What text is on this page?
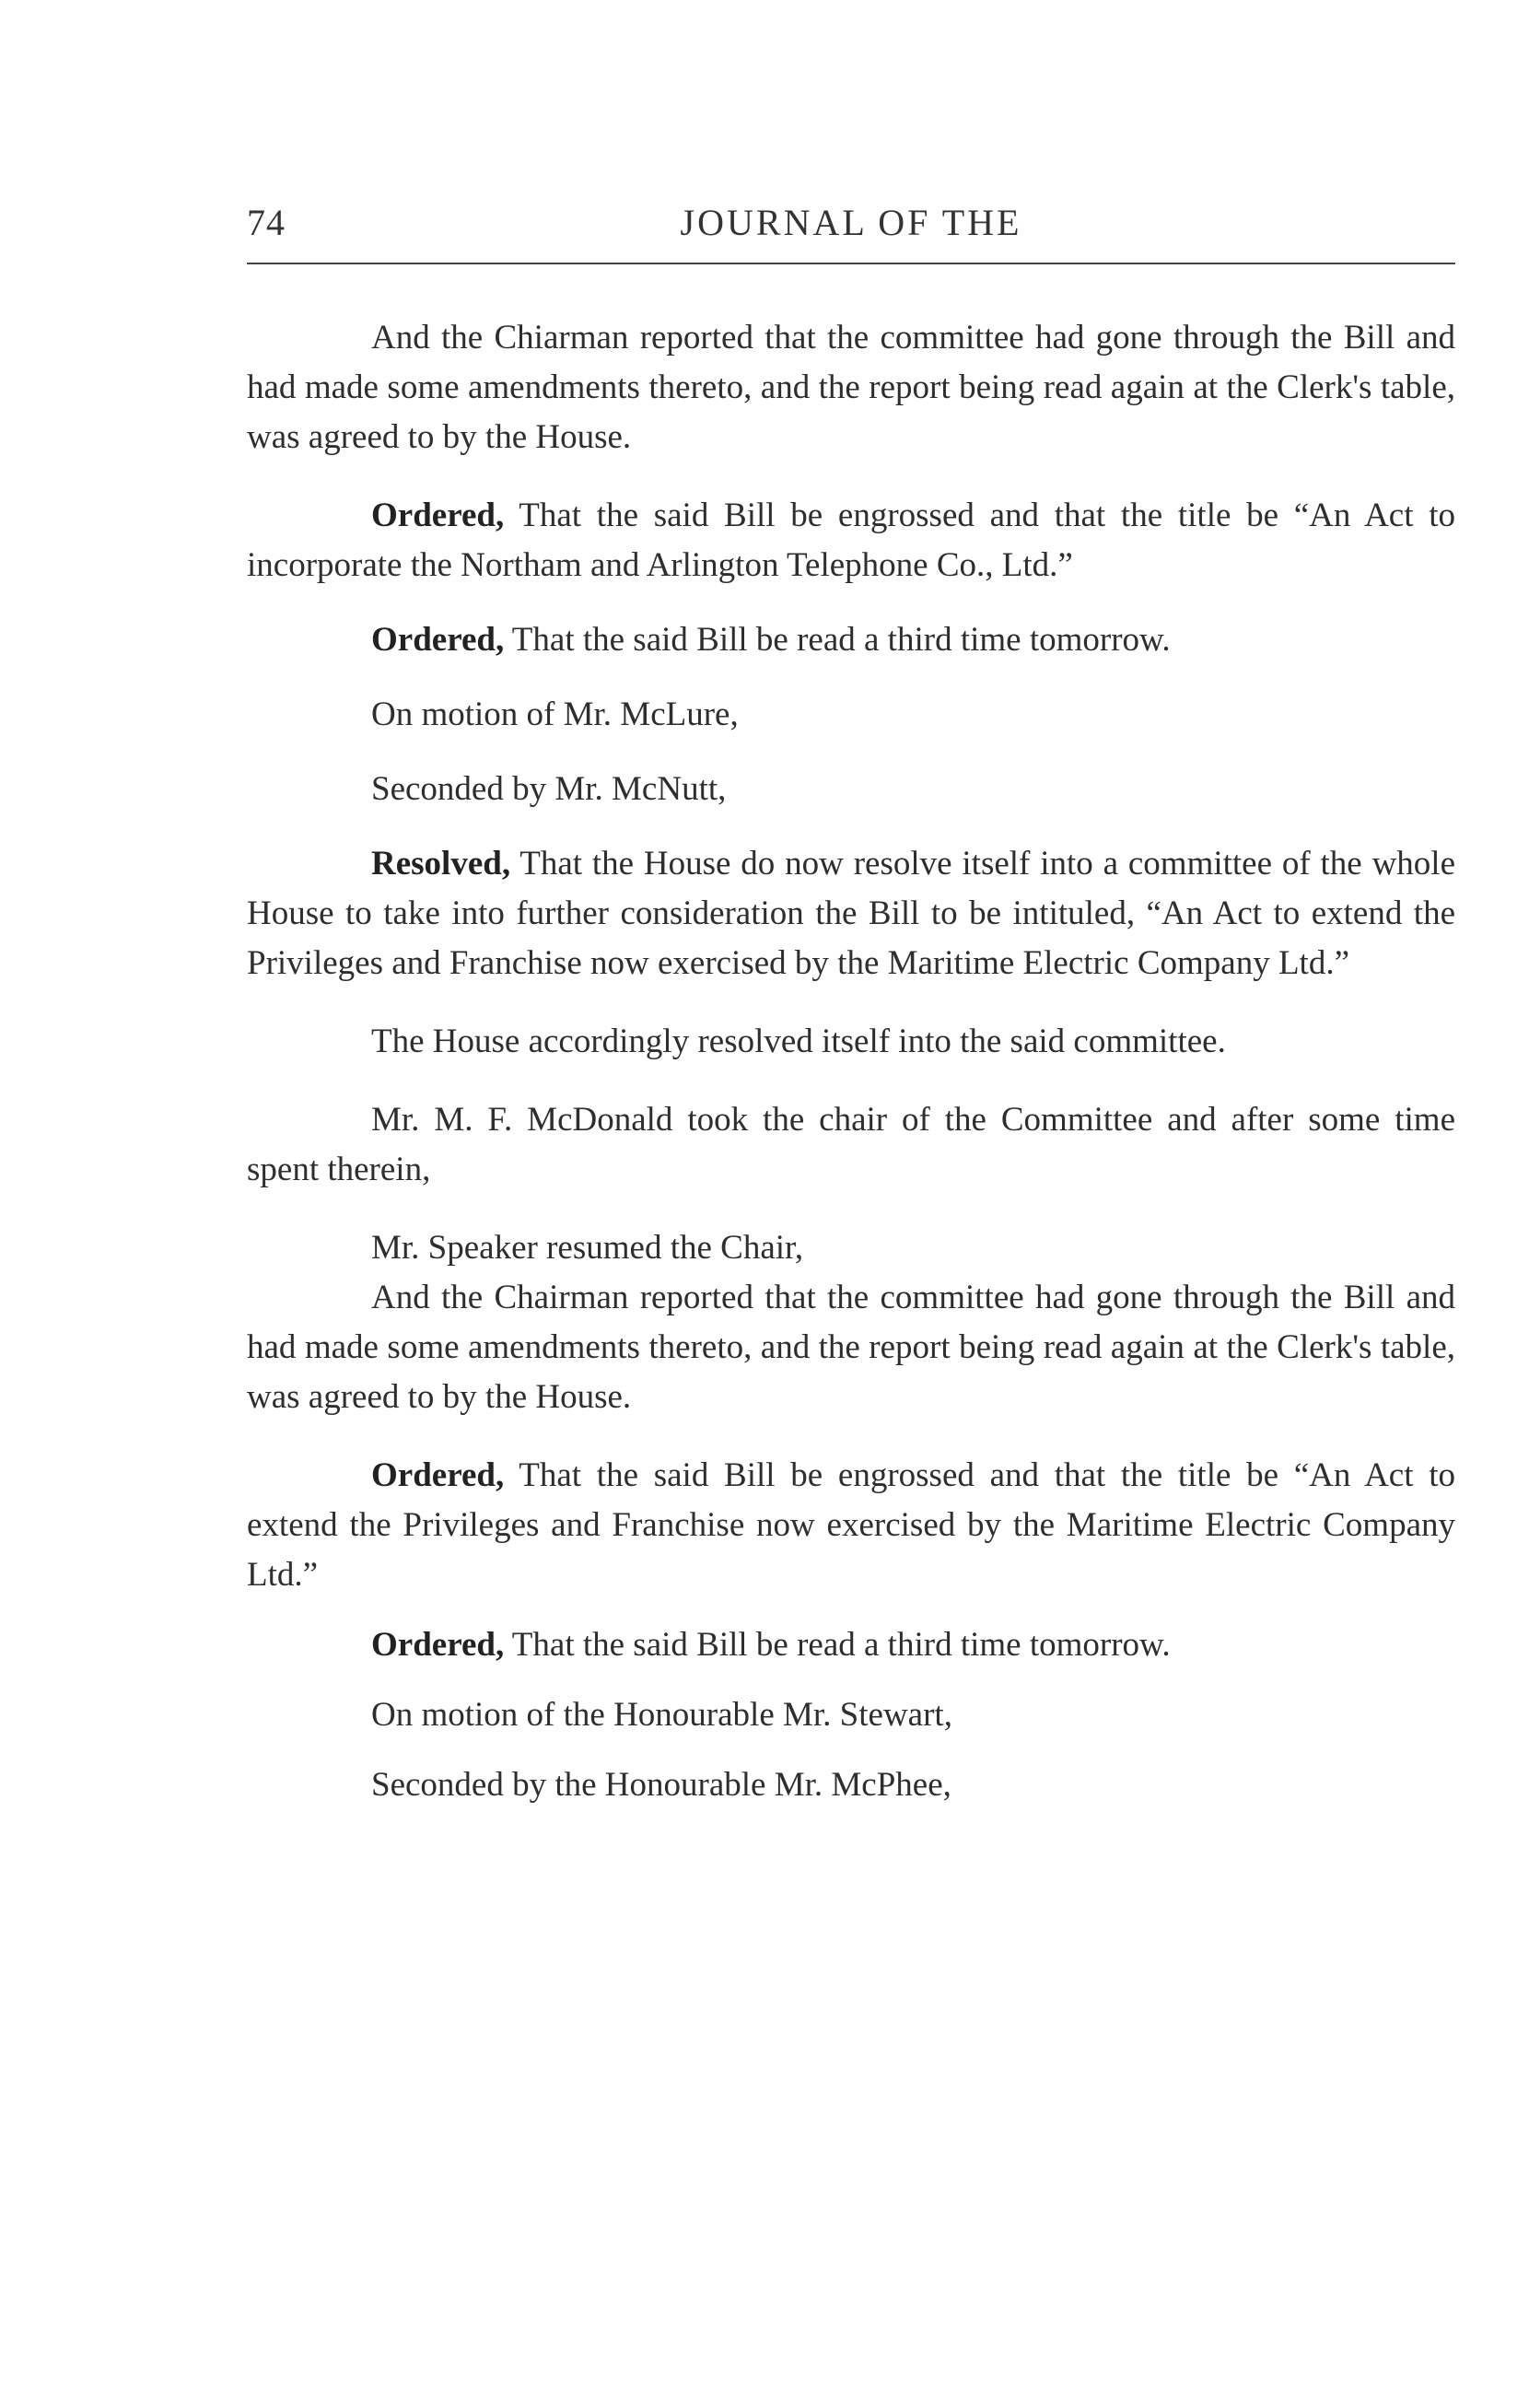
74	JOURNAL OF THE

And the Chiarman reported that the committee had gone through the Bill and had made some amendments thereto, and the report being read again at the Clerk's table, was agreed to by the House.

Ordered, That the said Bill be engrossed and that the title be “An Act to incorporate the Northam and Arlington Telephone Co., Ltd.”

Ordered, That the said Bill be read a third time tomorrow.

On motion of Mr. McLure,

Seconded by Mr. McNutt,

Resolved, That the House do now resolve itself into a committee of the whole House to take into further consideration the Bill to be intituled, “An Act to extend the Privileges and Franchise now exercised by the Maritime Electric Company Ltd.”

The House accordingly resolved itself into the said committee.

Mr. M. F. McDonald took the chair of the Committee and after some time spent therein,

Mr. Speaker resumed the Chair,

And the Chairman reported that the committee had gone through the Bill and had made some amendments thereto, and the report being read again at the Clerk's table, was agreed to by the House.

Ordered, That the said Bill be engrossed and that the title be “An Act to extend the Privileges and Franchise now exercised by the Maritime Electric Company Ltd.”

Ordered, That the said Bill be read a third time tomorrow.

On motion of the Honourable Mr. Stewart,

Seconded by the Honourable Mr. McPhee,
